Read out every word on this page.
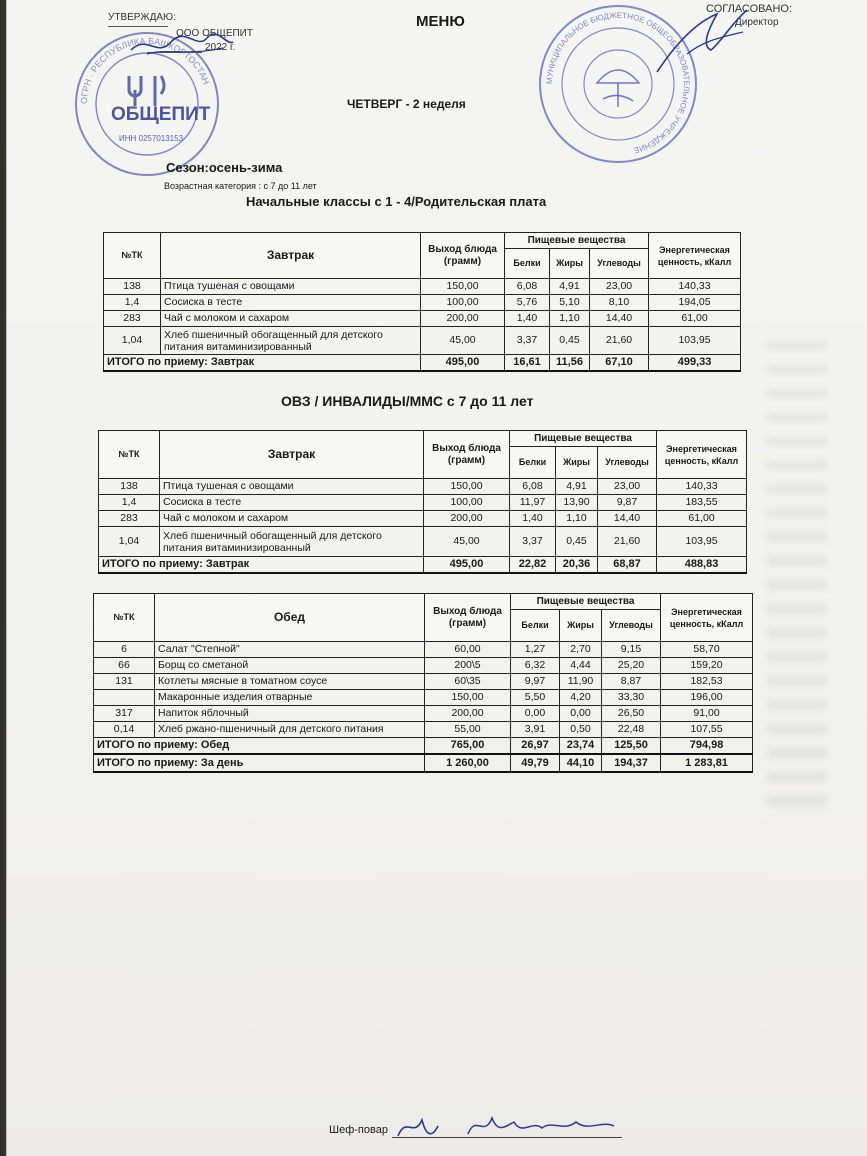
УТВЕРЖДАЮ:
ООО ОБЩЕПИТ
2022 г.
ОГРН · РЕСПУБЛИКА БАШКОРТОСТАН
ОБЩЕПИТ
ИНН 0257013153
МЕНЮ
СОГЛАСОВАНО:
Директор
МУНИЦИПАЛЬНОЕ БЮДЖЕТНОЕ ОБЩЕОБРАЗОВАТЕЛЬНОЕ УЧРЕЖДЕНИЕ
ЧЕТВЕРГ - 2 неделя
Сезон:осень-зима
Возрастная категория : с 7 до 11 лет
Начальные классы с 1 - 4/Родительская плата
№ТК	Завтрак	Выход блюда (грамм)	Пищевые вещества			Энергетическая ценность, кКалл
			Белки	Жиры	Углеводы	
138	Птица тушеная с овощами	150,00	6,08	4,91	23,00	140,33
1,4	Сосиска в тесте	100,00	5,76	5,10	8,10	194,05
283	Чай с молоком и сахаром	200,00	1,40	1,10	14,40	61,00
1,04	Хлеб пшеничный обогащенный для детского питания витаминизированный	45,00	3,37	0,45	21,60	103,95
ИТОГО по приему: Завтрак		495,00	16,61	11,56	67,10	499,33
ОВЗ / ИНВАЛИДЫ/ММС с 7 до 11 лет
№ТК	Завтрак	Выход блюда (грамм)	Пищевые вещества			Энергетическая ценность, кКалл
			Белки	Жиры	Углеводы	
138	Птица тушеная с овощами	150,00	6,08	4,91	23,00	140,33
1,4	Сосиска в тесте	100,00	11,97	13,90	9,87	183,55
283	Чай с молоком и сахаром	200,00	1,40	1,10	14,40	61,00
1,04	Хлеб пшеничный обогащенный для детского питания витаминизированный	45,00	3,37	0,45	21,60	103,95
ИТОГО по приему: Завтрак		495,00	22,82	20,36	68,87	488,83
№ТК	Обед	Выход блюда (грамм)	Пищевые вещества			Энергетическая ценность, кКалл
			Белки	Жиры	Углеводы	
6	Салат "Степной"	60,00	1,27	2,70	9,15	58,70
66	Борщ со сметаной	200\5	6,32	4,44	25,20	159,20
131	Котлеты мясные в томатном соусе	60\35	9,97	11,90	8,87	182,53
	Макаронные изделия отварные	150,00	5,50	4,20	33,30	196,00
317	Напиток яблочный	200,00	0,00	0,00	26,50	91,00
0,14	Хлеб ржано-пшеничный для детского питания	55,00	3,91	0,50	22,48	107,55
ИТОГО по приему: Обед		765,00	26,97	23,74	125,50	794,98
ИТОГО по приему: За день		1 260,00	49,79	44,10	194,37	1 283,81
Шеф-повар
